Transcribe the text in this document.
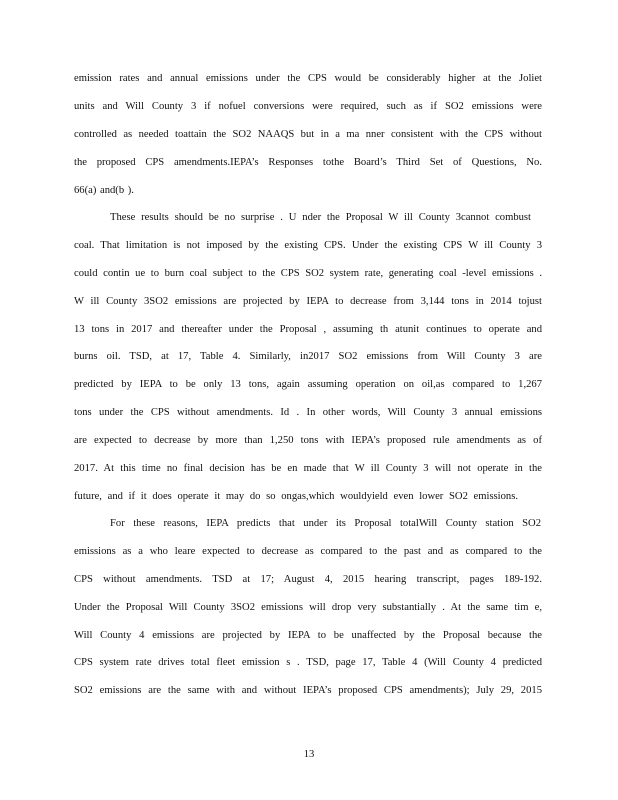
emission rates and annual emissions under the CPS would be considerably higher at the Joliet
units and Will County 3 if nofuel conversions were required, such as if SO2 emissions were
controlled as needed toattain the SO2 NAAQS but in a ma nner consistent with the CPS without
the proposed CPS amendments.IEPA’s Responses tothe Board’s Third Set of Questions, No.
66(a) and(b ).
These results should be no surprise . U nder the Proposal W ill County 3cannot combust
coal. That limitation is not imposed by the existing CPS. Under the existing CPS W ill County 3
could contin ue to burn coal subject to the CPS SO2 system rate, generating coal -level emissions .
W ill County 3SO2 emissions are projected by IEPA to decrease from 3,144 tons in 2014 tojust
13 tons in 2017 and thereafter under the Proposal , assuming th atunit continues to operate and
burns oil. TSD, at 17, Table 4. Similarly, in2017 SO2 emissions from Will County 3 are
predicted by IEPA to be only 13 tons, again assuming operation on oil,as compared to 1,267
tons under the CPS without amendments. Id . In other words, Will County 3 annual emissions
are expected to decrease by more than 1,250 tons with IEPA’s proposed rule amendments as of
2017. At this time no final decision has be en made that W ill County 3 will not operate in the
future, and if it does operate it may do so ongas,which wouldyield even lower SO2 emissions.
For these reasons, IEPA predicts that under its Proposal totalWill County station SO2
emissions as a who leare expected to decrease as compared to the past and as compared to the
CPS without amendments. TSD at 17; August 4, 2015 hearing transcript, pages 189-192.
Under the Proposal Will County 3SO2 emissions will drop very substantially . At the same tim e,
Will County 4 emissions are projected by IEPA to be unaffected by the Proposal because the
CPS system rate drives total fleet emission s . TSD, page 17, Table 4 (Will County 4 predicted
SO2 emissions are the same with and without IEPA’s proposed CPS amendments); July 29, 2015
13
